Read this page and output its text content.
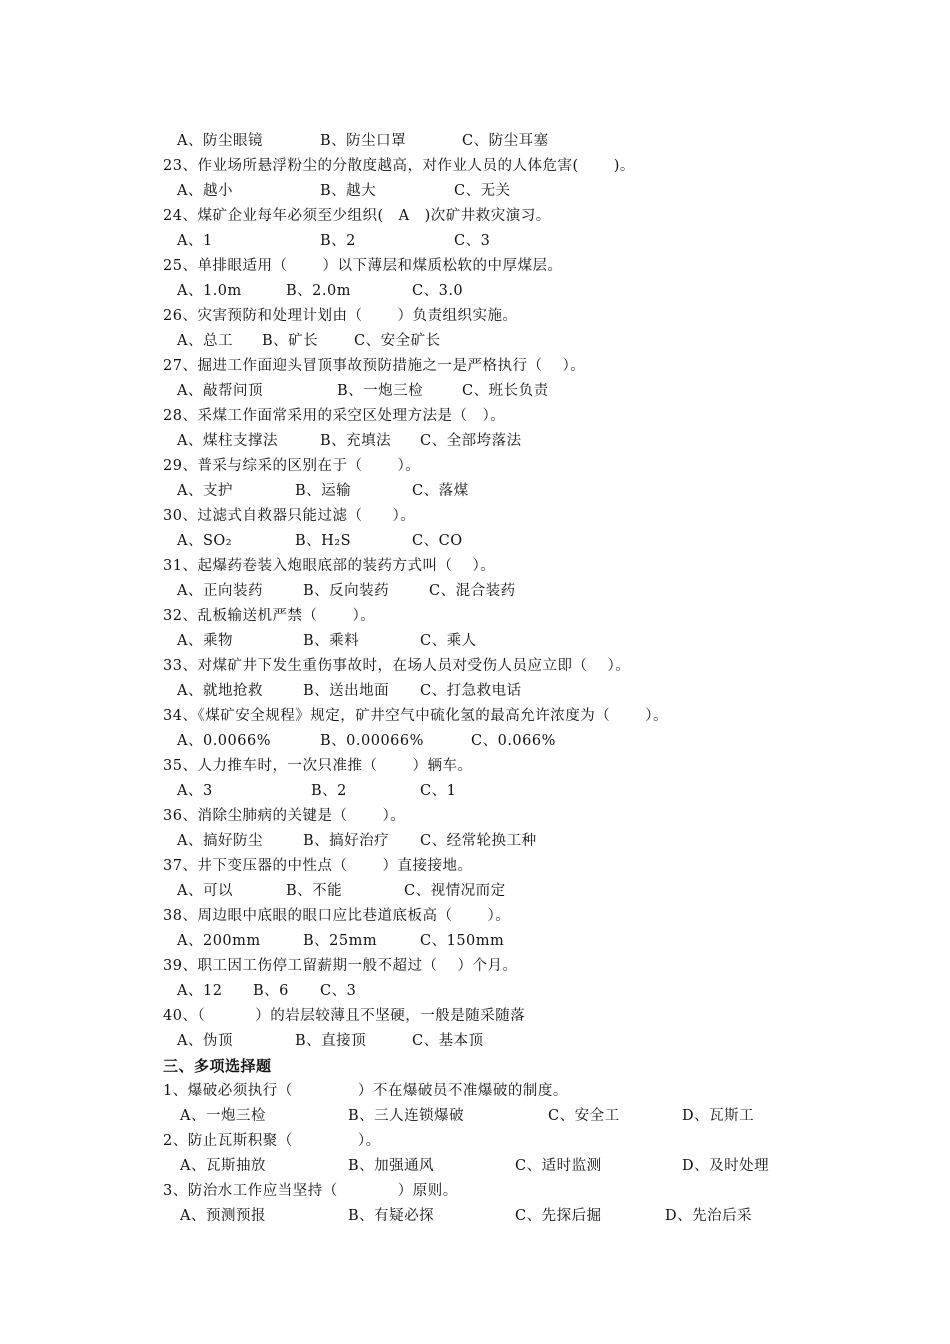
A、防尘眼镜

	B、防尘口罩

	C、防尘耳塞

23、作业场所悬浮粉尘的分散度越高，对作业人员的人体危害(　　 )。

A、越小

	B、越大

	C、无关

24、煤矿企业每年必须至少组织(　A　)次矿井救灾演习。

A、1

	B、2

	C、3

25、单排眼适用（　　 ）以下薄层和煤质松软的中厚煤层。

A、1.0m

	B、2.0m

	C、3.0

26、灾害预防和处理计划由（　　 ）负责组织实施。

A、总工

B、矿长

C、安全矿长

27、掘进工作面迎头冒顶事故预防措施之一是严格执行（　 ）。

A、敲帮问顶

	B、一炮三检

	C、班长负责

28、采煤工作面常采用的采空区处理方法是（　）。

A、煤柱支撑法

	B、充填法

C、全部垮落法

29、普采与综采的区别在于（　　 ）。

A、支护

	B、运输

	C、落煤

30、过滤式自救器只能过滤（　　）。

A、SO₂

	B、H₂S

	C、CO

31、起爆药卷装入炮眼底部的装药方式叫（　 ）。

A、正向装药

	B、反向装药

	C、混合装药

32、乱板输送机严禁（　　 ）。

A、乘物

	B、乘料

	C、乘人

33、对煤矿井下发生重伤事故时，在场人员对受伤人员应立即（　 ）。

A、就地抢救

	B、送出地面

C、打急救电话

34、《煤矿安全规程》规定，矿井空气中硫化氢的最高允许浓度为（　　 ）。

A、0.0066%

	B、0.00066%

	C、0.066%

35、人力推车时，一次只准推（　　 ）辆车。

A、3

	B、2

	C、1

36、消除尘肺病的关键是（　　 ）。

A、搞好防尘

	B、搞好治疗

C、经常轮换工种

37、井下变压器的中性点（　　 ）直接接地。

A、可以

	B、不能

	C、视情况而定

38、周边眼中底眼的眼口应比巷道底板高（　　 ）。

A、200mm

	B、25mm

	C、150mm

39、职工因工伤停工留薪期一般不超过（　 ）个月。

A、12

B、6

C、3

40、（　　　 ）的岩层较薄且不坚硬，一般是随采随落

A、伪顶

	B、直接顶

	C、基本顶

三、多项选择题
1、爆破必须执行（　　　　 ）不在爆破员不准爆破的制度。

A、一炮三检

	B、三人连锁爆破

	C、安全工

	D、瓦斯工

2、防止瓦斯积聚（　　　　 ）。

A、瓦斯抽放

	B、加强通风

	C、适时监测

	D、及时处理

3、防治水工作应当坚持（　　　　）原则。

A、预测预报

	B、有疑必探

	C、先探后掘

	D、先治后采
